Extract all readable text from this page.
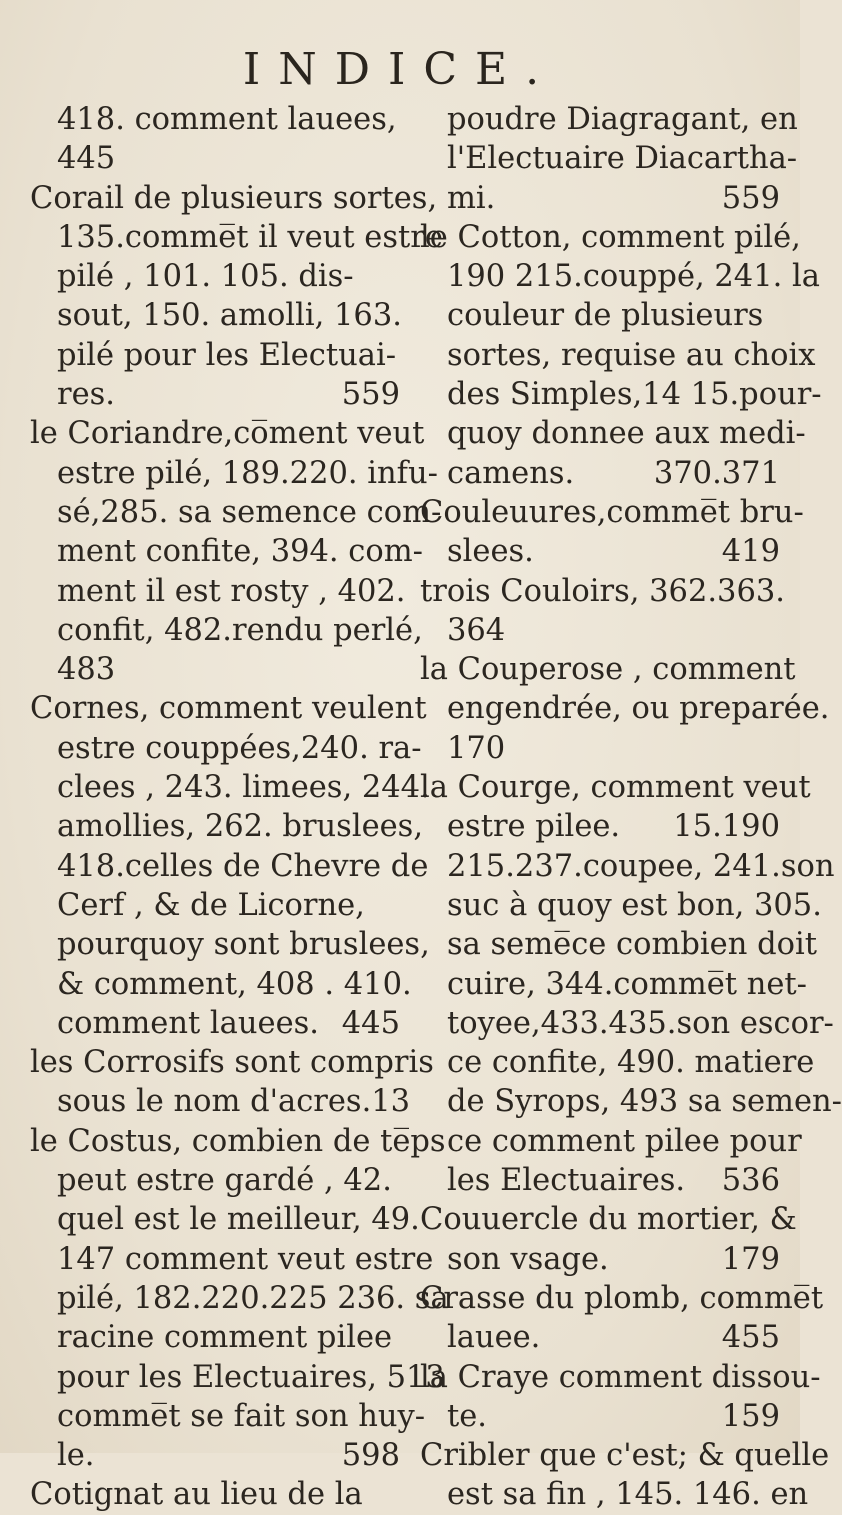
INDICE.
418. comment lauees,
445
Corail de plusieurs sortes,
135.comme̅t il veut estre
pilé , 101. 105. dis-
sout, 150. amolli, 163.
pilé pour les Electuai-
res.	559
le Coriandre,co̅ment veut
estre pilé, 189.220. infu-
sé,285. sa semence com-
ment confite, 394. com-
ment il est rosty , 402.
confit, 482.rendu perlé,
483
Cornes, comment veulent
estre couppées,240. ra-
clees , 243. limees, 244.
amollies, 262. bruslees,
418.celles de Chevre de
Cerf , & de Licorne,
pourquoy sont bruslees,
& comment, 408 . 410.
comment lauees. 445
les Corrosifs sont compris
sous le nom d'acres. 13
le Costus, combien de te̅ps
peut estre gardé , 42.
quel est le meilleur, 49.
147 comment veut estre
pilé, 182.220.225 236. sa
racine comment pilee
pour les Electuaires, 513
comme̅t se fait son huy-
le.	598
Cotignat au lieu de la
poudre Diagragant, en
l'Electuaire Diacartha-
mi.	559
le Cotton, comment pilé,
190 215.couppé, 241. la
couleur de plusieurs
sortes, requise au choix
des Simples,14 15.pour-
quoy donnee aux medi-
camens.	370.371
Couleuures,comme̅t bru-
slees.	419
trois Couloirs, 362.363.
364
la Couperose , comment
engendrée, ou preparée.
170
la Courge, comment veut
estre pilee. 15.190
215.237.coupee, 241.son
suc à quoy est bon, 305.
sa seme̅ce combien doit
cuire, 344.comme̅t net-
toyee,433.435.son escor-
ce confite, 490. matiere
de Syrops, 493 sa semen-
ce comment pilee pour
les Electuaires. 536
Couuercle du mortier, &
son vsage.	179
Crasse du plomb, comme̅t
lauee.	455
la Craye comment dissou-
te.	159
Cribler que c'est; & quelle
est sa fin , 145. 146. en
